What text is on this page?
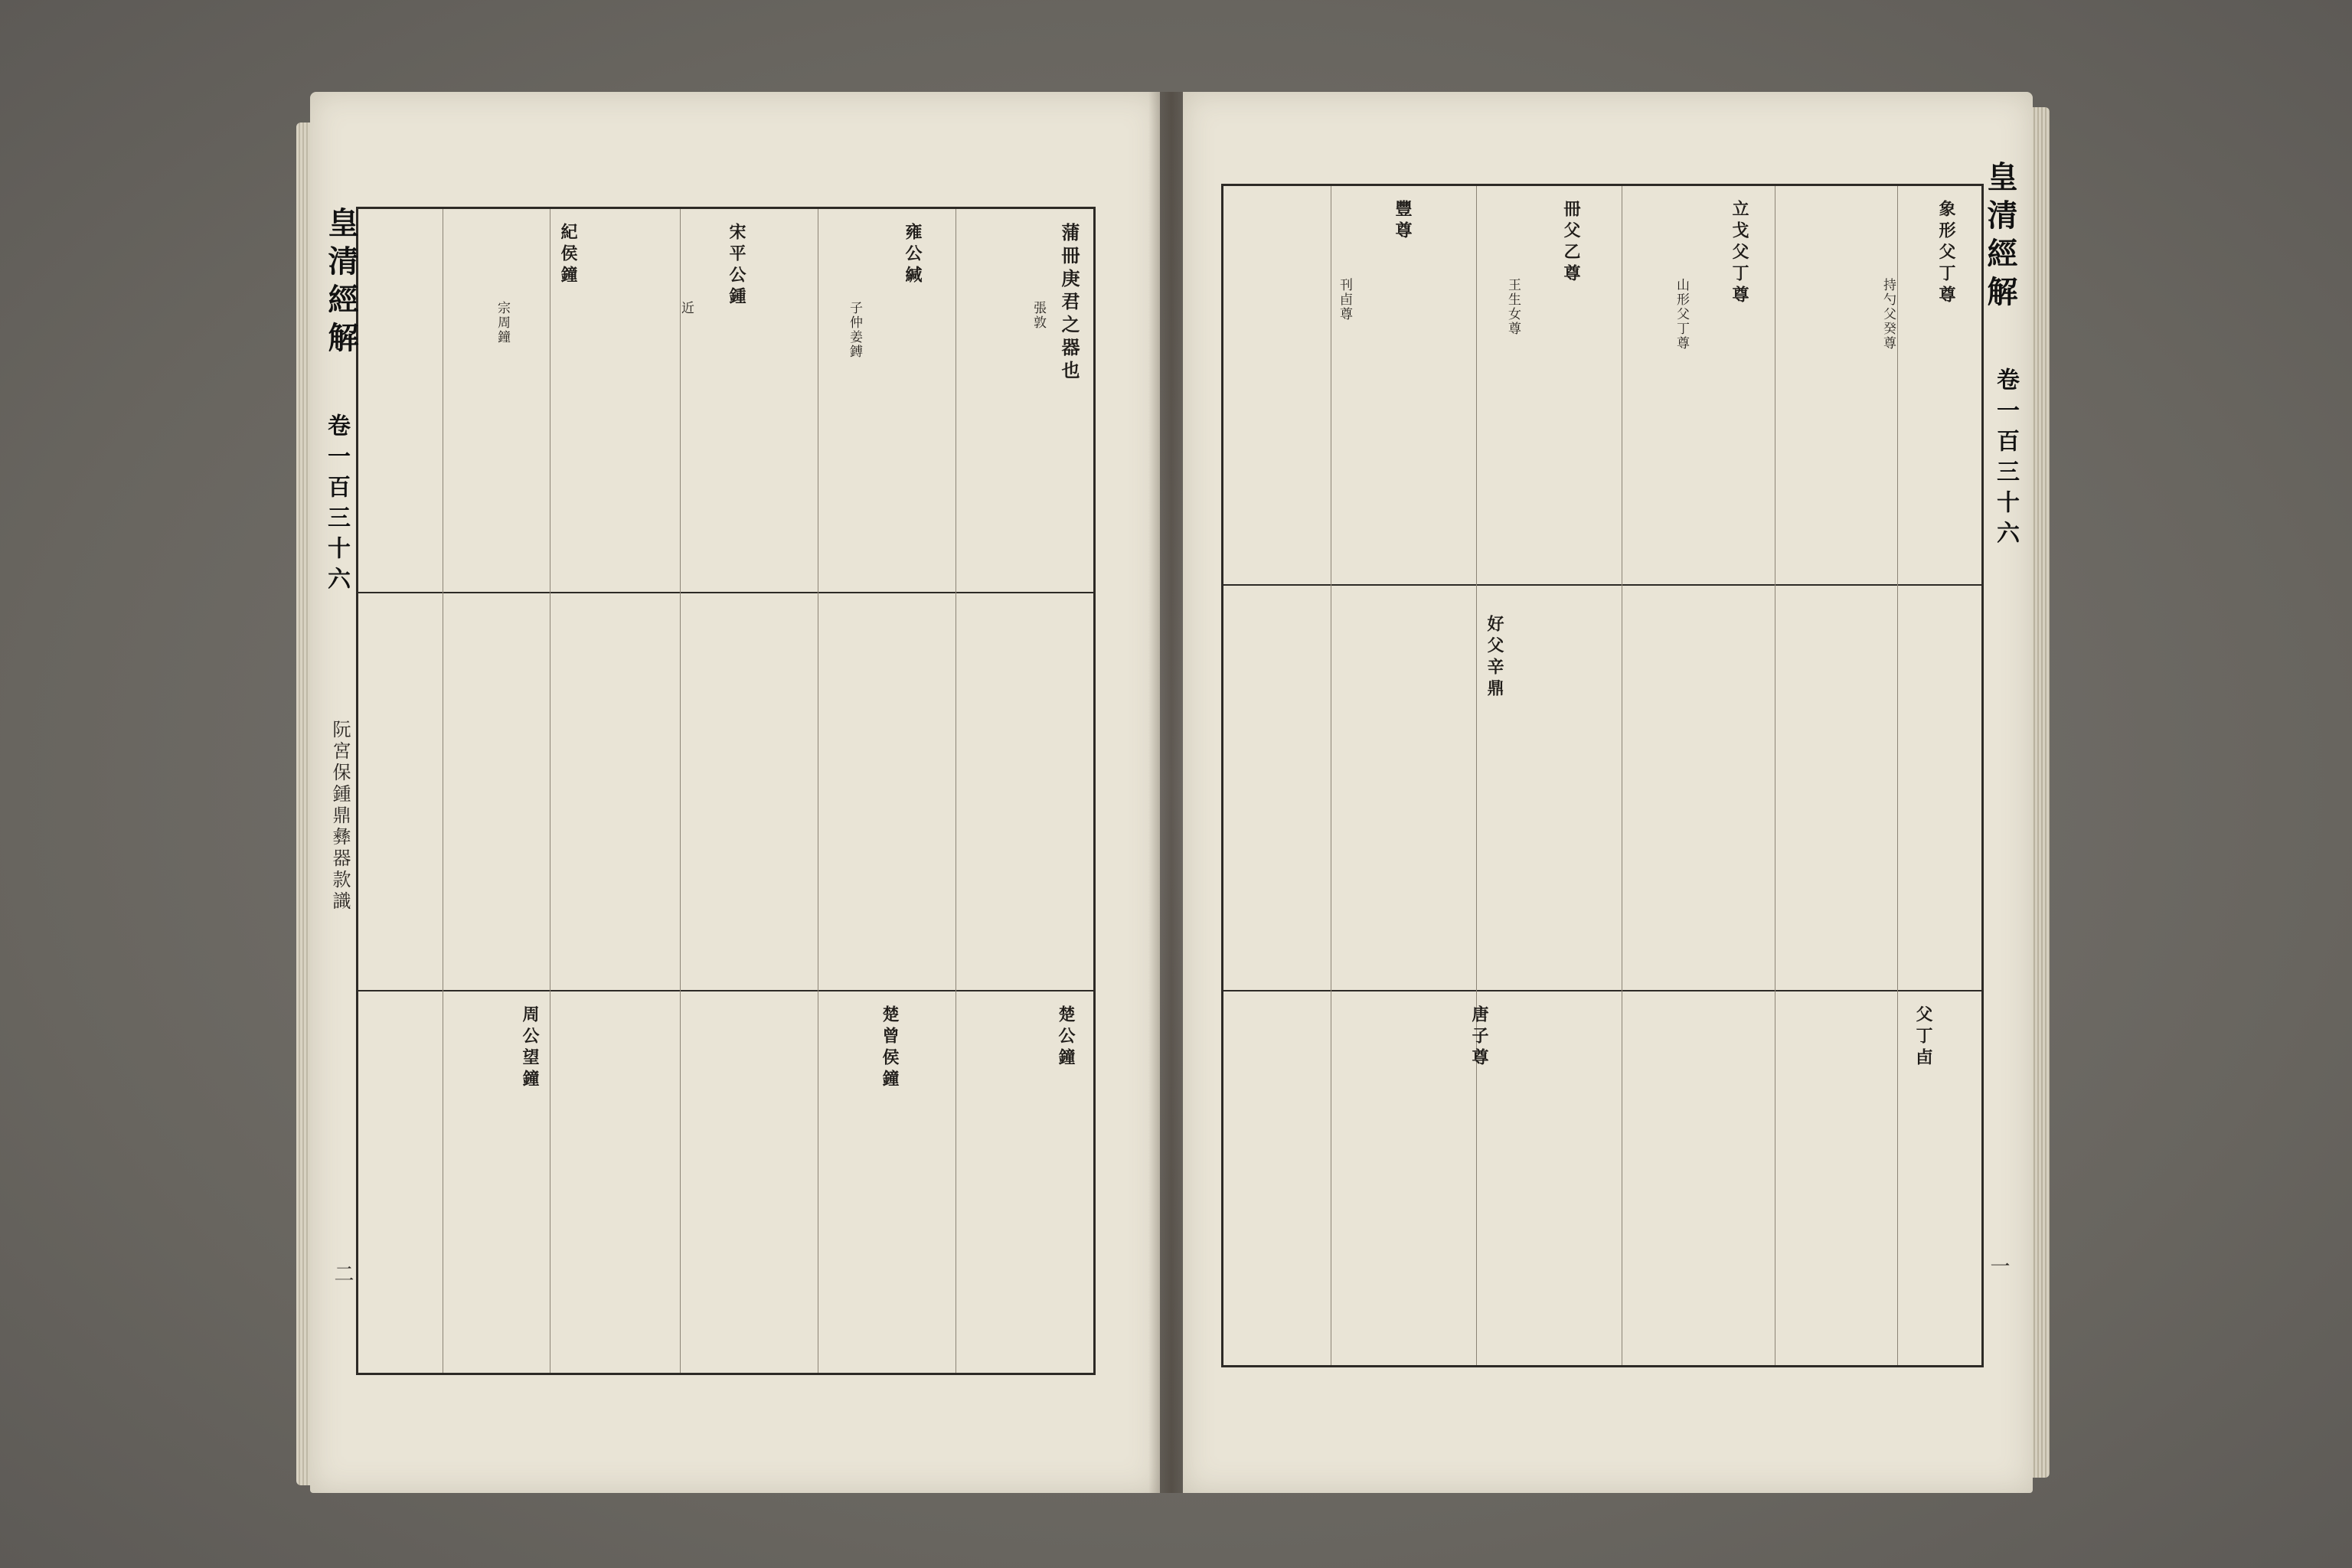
蒲冊庚君之器也
張敦
雍公緘
子仲姜鎛
宋平公鍾
近
紀侯鐘
宗周鐘
楚公鐘
楚曾侯鐘
周公望鐘
皇清經解
卷一百三十六
阮宮保鍾鼎彝器款識
二
象形父丁尊
持勺父癸尊
立戈父丁尊
山形父丁尊
冊父乙尊
王生女尊
豐尊
刊卣尊
父丁卣
唐子尊
好父辛鼎
皇清經解
卷一百三十六
一
